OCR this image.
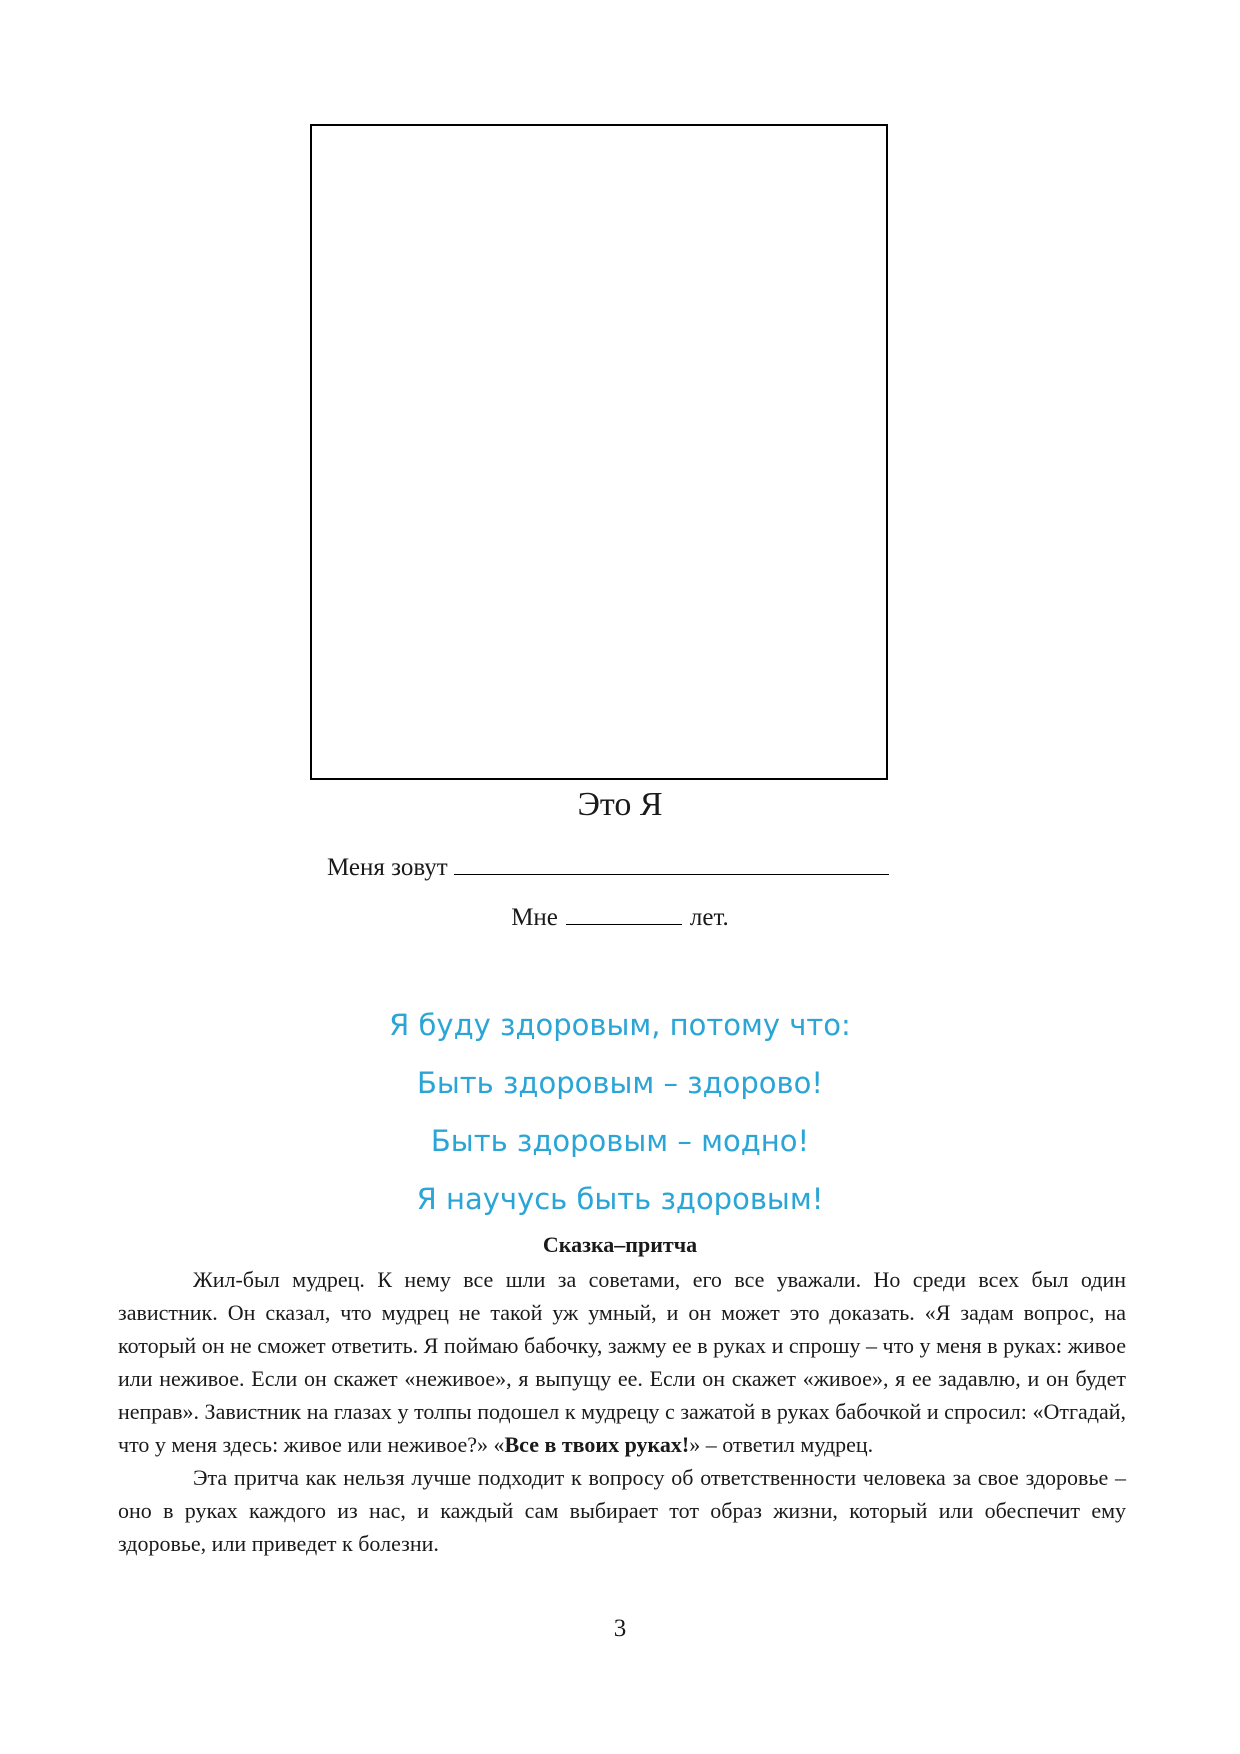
Это Я
Меня зовут
Мне	лет.
Я буду здоровым, потому что:
Быть здоровым – здорово!
Быть здоровым – модно!
Я научусь быть здоровым!
Сказка–притча

Жил-был мудрец. К нему все шли за советами, его все уважали. Но среди всех был один завистник. Он сказал, что мудрец не такой уж умный, и он может это доказать. «Я задам вопрос, на который он не сможет ответить. Я поймаю бабочку, зажму ее в руках и спрошу – что у меня в руках: живое или неживое. Если он скажет «неживое», я выпущу ее. Если он скажет «живое», я ее задавлю, и он будет неправ». Завистник на глазах у толпы подошел к мудрецу с зажатой в руках бабочкой и спросил: «Отгадай, что у меня здесь: живое или неживое?» «Все в твоих руках!» – ответил мудрец.

Эта притча как нельзя лучше подходит к вопросу об ответственности человека за свое здоровье – оно в руках каждого из нас, и каждый сам выбирает тот образ жизни, который или обеспечит ему здоровье, или приведет к болезни.

3
